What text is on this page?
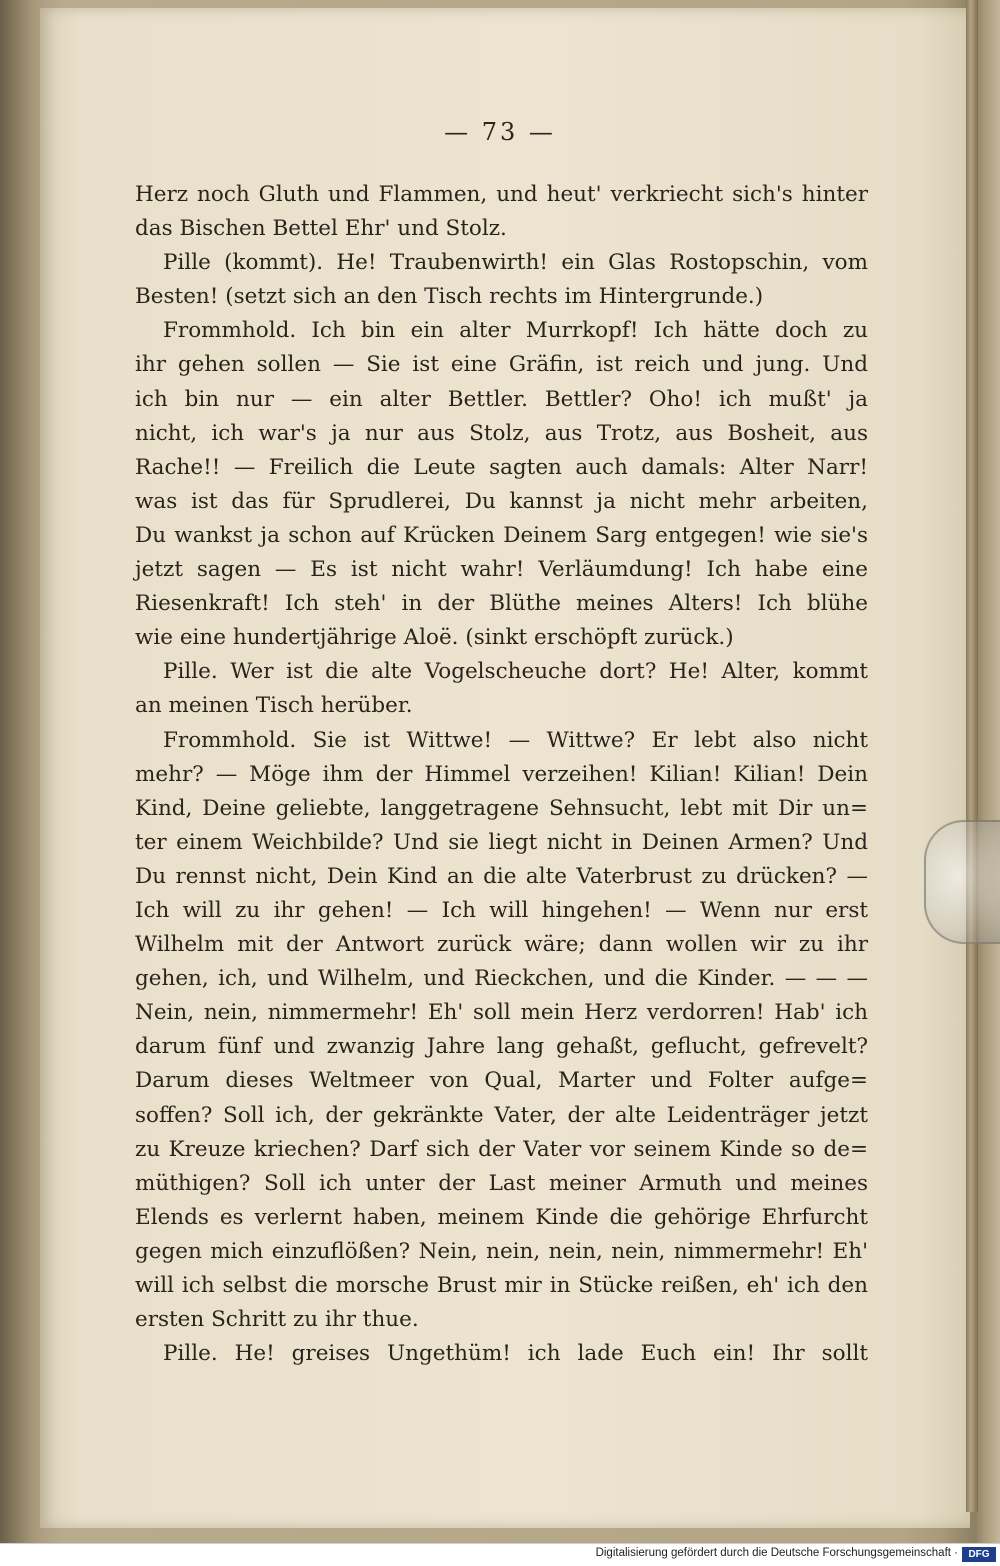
— 73 —
Herz noch Gluth und Flammen, und heut' verkriecht sich's hinter
das Bischen Bettel Ehr' und Stolz.
Pille (kommt). He! Traubenwirth! ein Glas Rostopschin, vom
Besten! (setzt sich an den Tisch rechts im Hintergrunde.)
Frommhold. Ich bin ein alter Murrkopf! Ich hätte doch zu
ihr gehen sollen — Sie ist eine Gräfin, ist reich und jung. Und
ich bin nur — ein alter Bettler. Bettler? Oho! ich mußt' ja
nicht, ich war's ja nur aus Stolz, aus Trotz, aus Bosheit, aus
Rache!! — Freilich die Leute sagten auch damals: Alter Narr!
was ist das für Sprudlerei, Du kannst ja nicht mehr arbeiten,
Du wankst ja schon auf Krücken Deinem Sarg entgegen! wie sie's
jetzt sagen — Es ist nicht wahr! Verläumdung! Ich habe eine
Riesenkraft! Ich steh' in der Blüthe meines Alters! Ich blühe
wie eine hundertjährige Aloë. (sinkt erschöpft zurück.)
Pille. Wer ist die alte Vogelscheuche dort? He! Alter, kommt
an meinen Tisch herüber.
Frommhold. Sie ist Wittwe! — Wittwe? Er lebt also nicht
mehr? — Möge ihm der Himmel verzeihen! Kilian! Kilian! Dein
Kind, Deine geliebte, langgetragene Sehnsucht, lebt mit Dir un=
ter einem Weichbilde? Und sie liegt nicht in Deinen Armen? Und
Du rennst nicht, Dein Kind an die alte Vaterbrust zu drücken? —
Ich will zu ihr gehen! — Ich will hingehen! — Wenn nur erst
Wilhelm mit der Antwort zurück wäre; dann wollen wir zu ihr
gehen, ich, und Wilhelm, und Rieckchen, und die Kinder. — — —
Nein, nein, nimmermehr! Eh' soll mein Herz verdorren! Hab' ich
darum fünf und zwanzig Jahre lang gehaßt, geflucht, gefrevelt?
Darum dieses Weltmeer von Qual, Marter und Folter aufge=
soffen? Soll ich, der gekränkte Vater, der alte Leidenträger jetzt
zu Kreuze kriechen? Darf sich der Vater vor seinem Kinde so de=
müthigen? Soll ich unter der Last meiner Armuth und meines
Elends es verlernt haben, meinem Kinde die gehörige Ehrfurcht
gegen mich einzuflößen? Nein, nein, nein, nein, nimmermehr! Eh'
will ich selbst die morsche Brust mir in Stücke reißen, eh' ich den
ersten Schritt zu ihr thue.
Pille. He! greises Ungethüm! ich lade Euch ein! Ihr sollt
Digitalisierung gefördert durch die Deutsche Forschungsgemeinschaft ·	DFG
